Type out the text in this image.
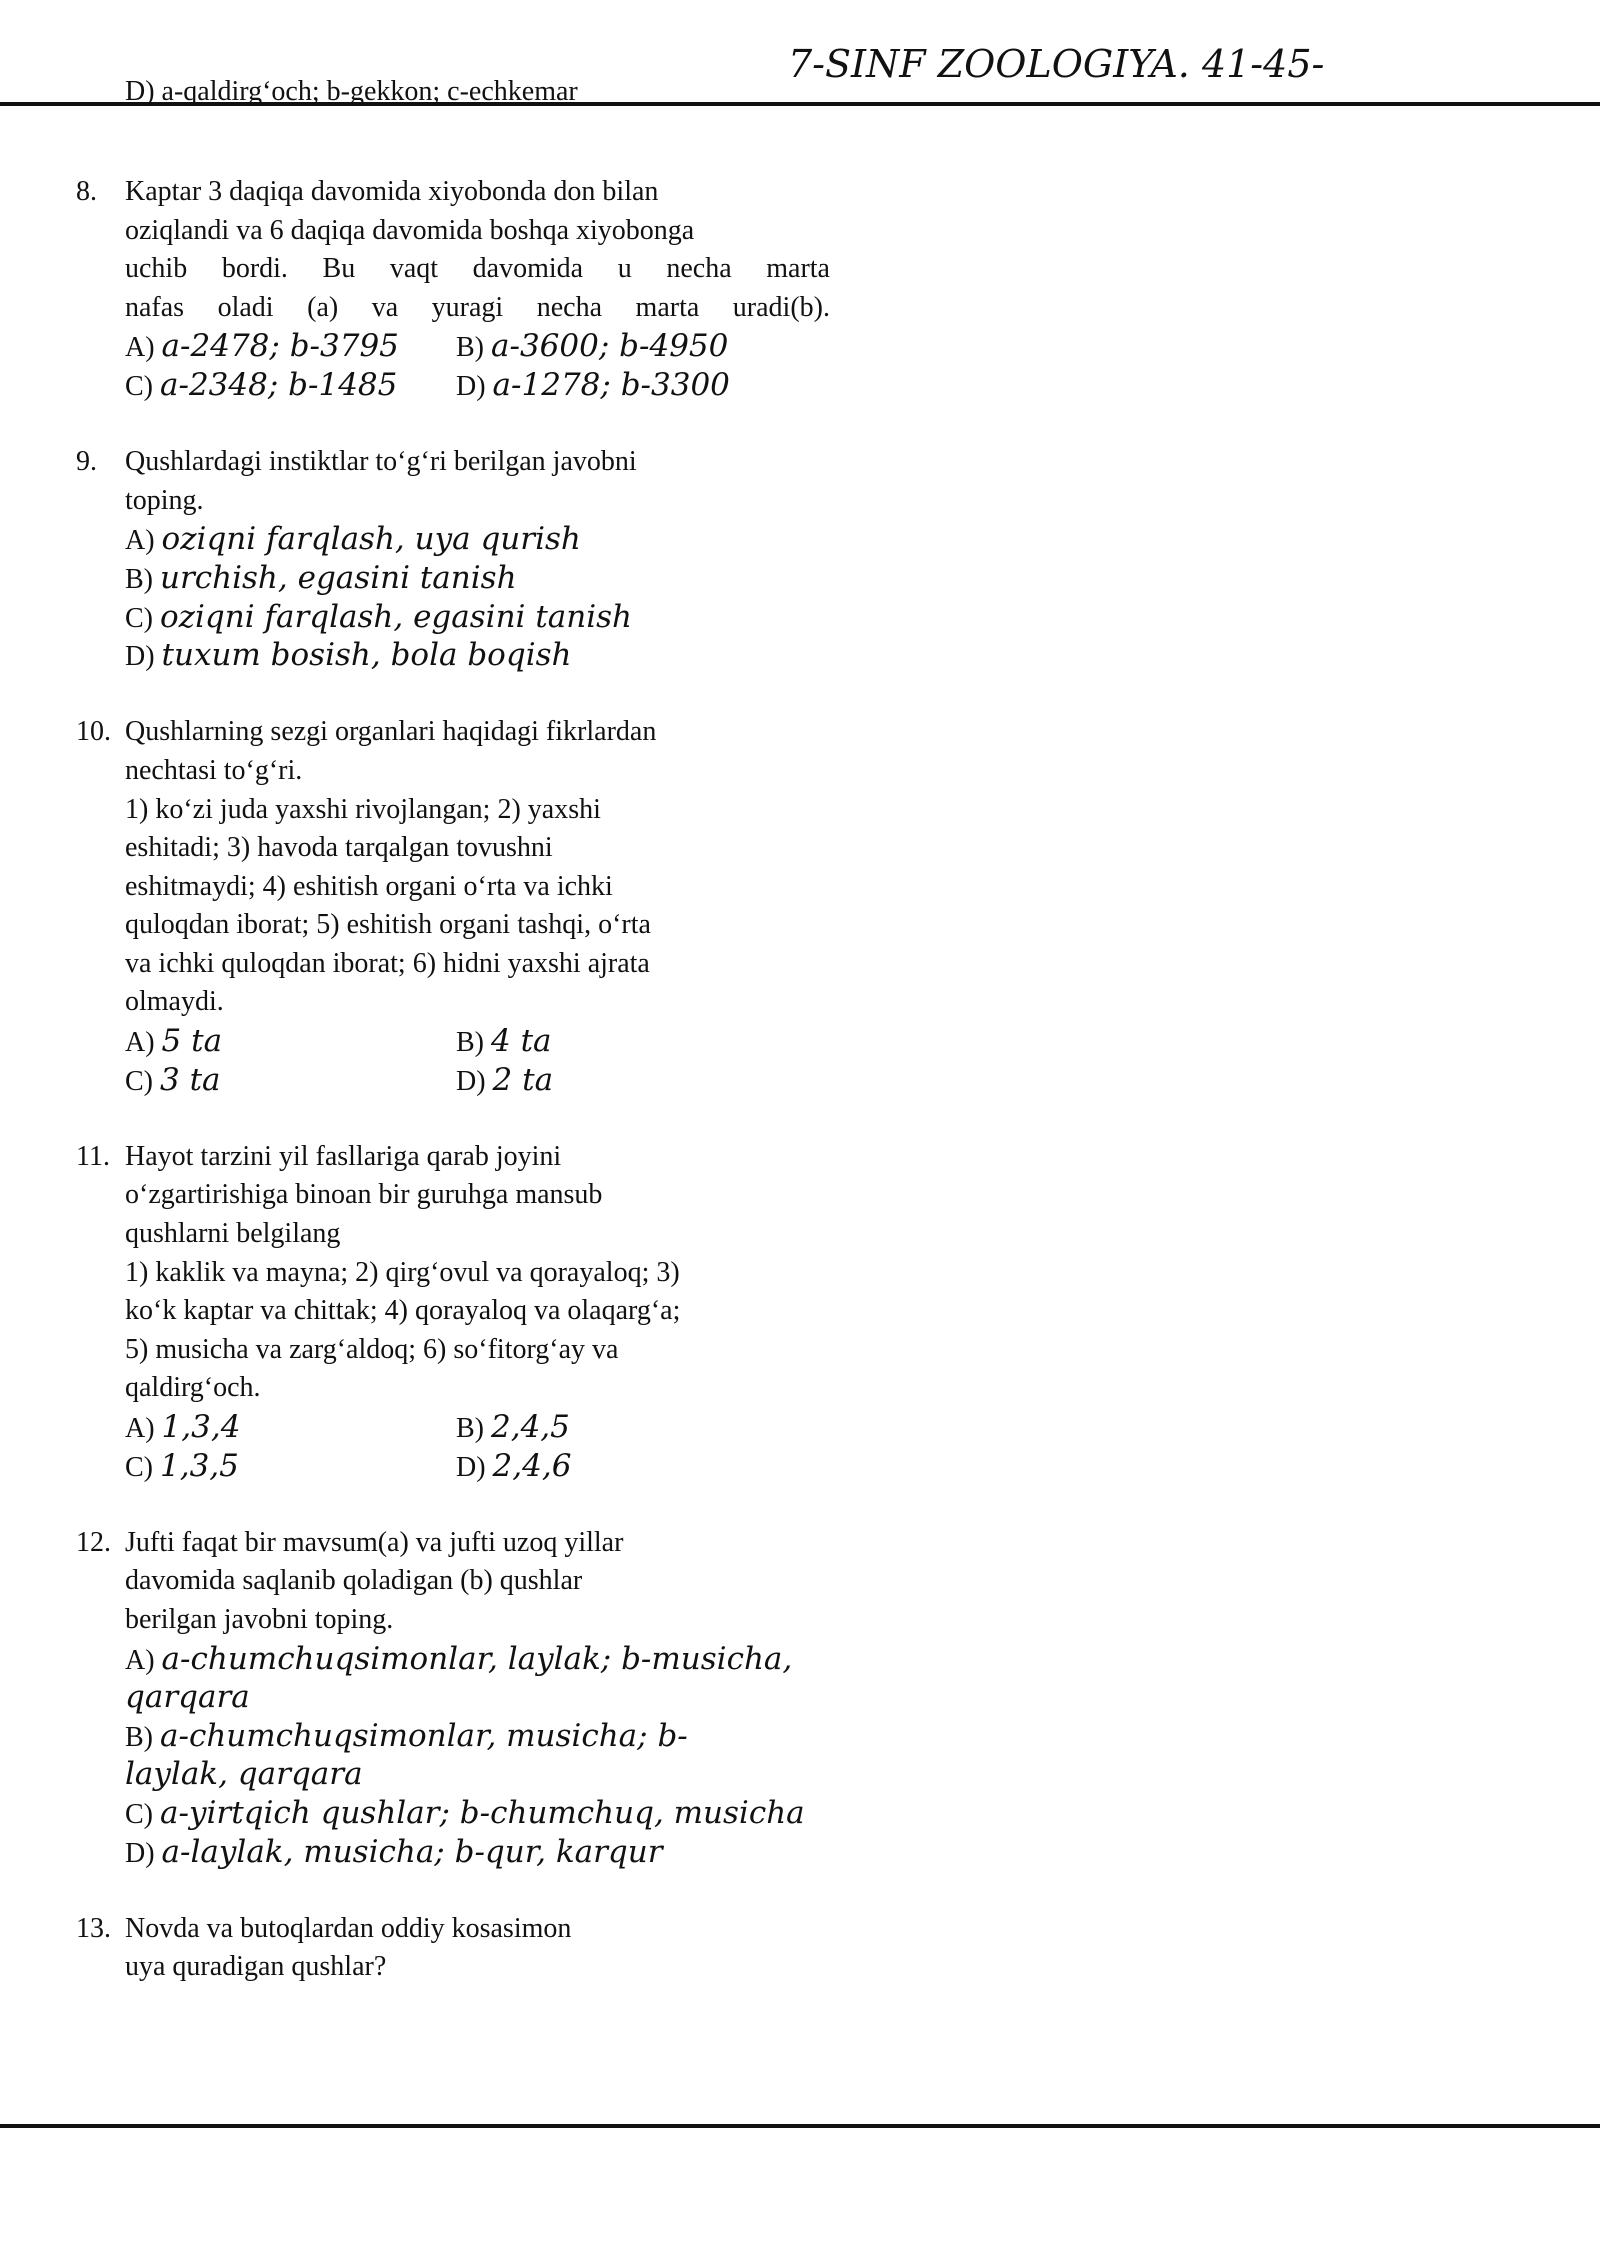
7-SINF ZOOLOGIYA. 41-45-
D) a-qaldirg‘och; b-gekkon; c-echkemar
8. Kaptar 3 daqiqa davomida xiyobonda don bilan
oziqlandi va 6 daqiqa davomida boshqa xiyobonga
uchib bordi. Bu vaqt davomida u necha marta
nafas oladi (a) va yuragi necha marta uradi(b).
A) a-2478; b-3795 B) a-3600; b-4950
C) a-2348; b-1485 D) a-1278; b-3300
9. Qushlardagi instiktlar to‘g‘ri berilgan javobni
toping.
A) oziqni farqlash, uya qurish
B) urchish, egasini tanish
C) oziqni farqlash, egasini tanish
D) tuxum bosish, bola boqish
10. Qushlarning sezgi organlari haqidagi fikrlardan
nechtasi to‘g‘ri.
1) ko‘zi juda yaxshi rivojlangan; 2) yaxshi
eshitadi; 3) havoda tarqalgan tovushni
eshitmaydi; 4) eshitish organi o‘rta va ichki
quloqdan iborat; 5) eshitish organi tashqi, o‘rta
va ichki quloqdan iborat; 6) hidni yaxshi ajrata
olmaydi.
A) 5 ta	B) 4 ta
C) 3 ta	D) 2 ta
11. Hayot tarzini yil fasllariga qarab joyini
o‘zgartirishiga binoan bir guruhga mansub
qushlarni belgilang
1) kaklik va mayna; 2) qirg‘ovul va qorayaloq; 3)
ko‘k kaptar va chittak; 4) qorayaloq va olaqarg‘a;
5) musicha va zarg‘aldoq; 6) so‘fitorg‘ay va
qaldirg‘och.
A) 1,3,4	B) 2,4,5
C) 1,3,5	D) 2,4,6
12. Jufti faqat bir mavsum(a) va jufti uzoq yillar
davomida saqlanib qoladigan (b) qushlar
berilgan javobni toping.
A) a-chumchuqsimonlar, laylak; b-musicha,
qarqara
B) a-chumchuqsimonlar, musicha; b-
laylak, qarqara
C) a-yirtqich qushlar; b-chumchuq, musicha
D) a-laylak, musicha; b-qur, karqur
13. Novda va butoqlardan oddiy kosasimon
uya quradigan qushlar?
